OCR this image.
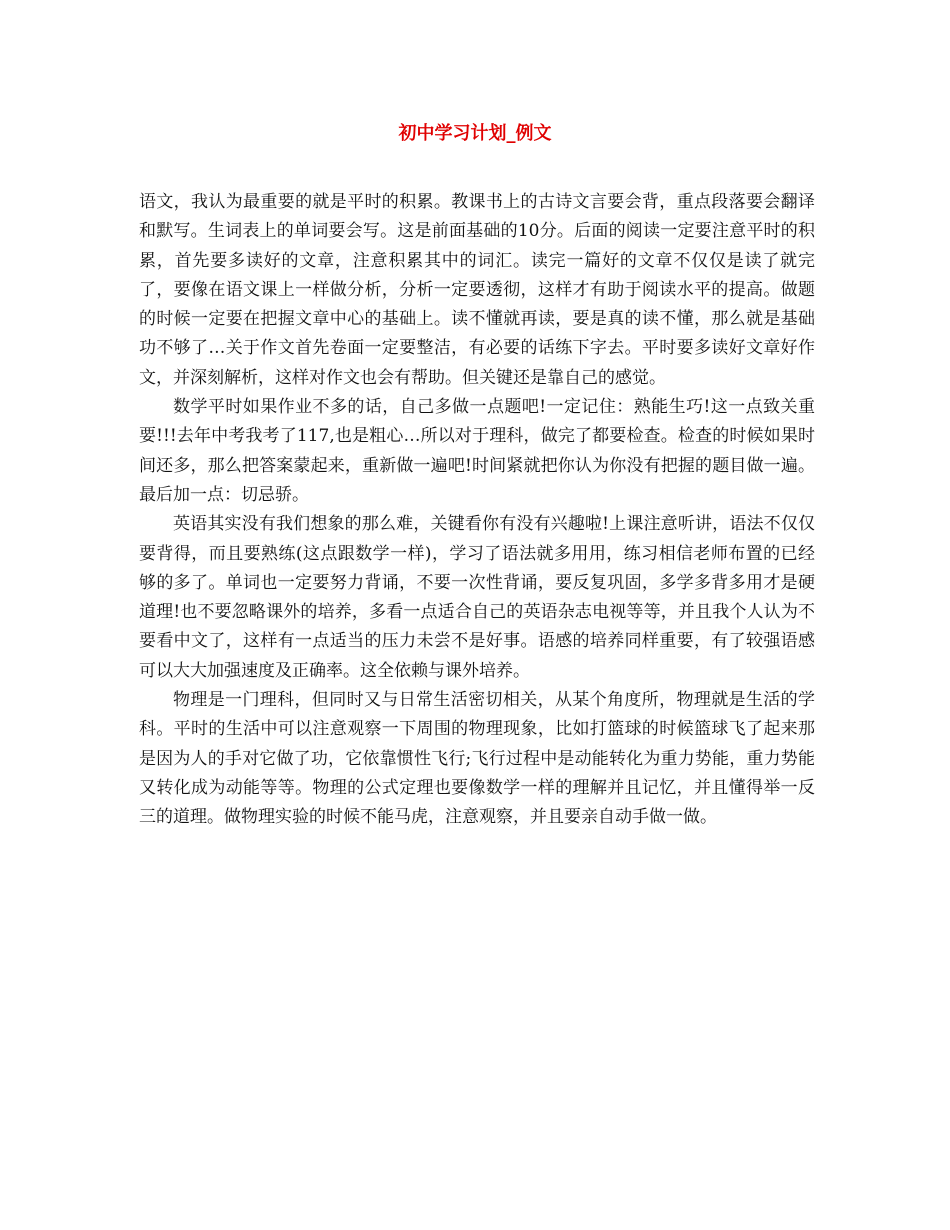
初中学习计划_例文

语文，我认为最重要的就是平时的积累。教课书上的古诗文言要会背，重点段落要会翻译和默写。生词表上的单词要会写。这是前面基础的10分。后面的阅读一定要注意平时的积累，首先要多读好的文章，注意积累其中的词汇。读完一篇好的文章不仅仅是读了就完了，要像在语文课上一样做分析，分析一定要透彻，这样才有助于阅读水平的提高。做题的时候一定要在把握文章中心的基础上。读不懂就再读，要是真的读不懂，那么就是基础功不够了…关于作文首先卷面一定要整洁，有必要的话练下字去。平时要多读好文章好作文，并深刻解析，这样对作文也会有帮助。但关键还是靠自己的感觉。

数学平时如果作业不多的话，自己多做一点题吧!一定记住：熟能生巧!这一点致关重要!!!去年中考我考了117,也是粗心…所以对于理科，做完了都要检查。检查的时候如果时间还多，那么把答案蒙起来，重新做一遍吧!时间紧就把你认为你没有把握的题目做一遍。最后加一点：切忌骄。

英语其实没有我们想象的那么难，关键看你有没有兴趣啦!上课注意听讲，语法不仅仅要背得，而且要熟练(这点跟数学一样)，学习了语法就多用用，练习相信老师布置的已经够的多了。单词也一定要努力背诵，不要一次性背诵，要反复巩固，多学多背多用才是硬道理!也不要忽略课外的培养，多看一点适合自己的英语杂志电视等等，并且我个人认为不要看中文了，这样有一点适当的压力未尝不是好事。语感的培养同样重要，有了较强语感可以大大加强速度及正确率。这全依赖与课外培养。

物理是一门理科，但同时又与日常生活密切相关，从某个角度所，物理就是生活的学科。平时的生活中可以注意观察一下周围的物理现象，比如打篮球的时候篮球飞了起来那是因为人的手对它做了功，它依靠惯性飞行;飞行过程中是动能转化为重力势能，重力势能又转化成为动能等等。物理的公式定理也要像数学一样的理解并且记忆，并且懂得举一反三的道理。做物理实验的时候不能马虎，注意观察，并且要亲自动手做一做。
